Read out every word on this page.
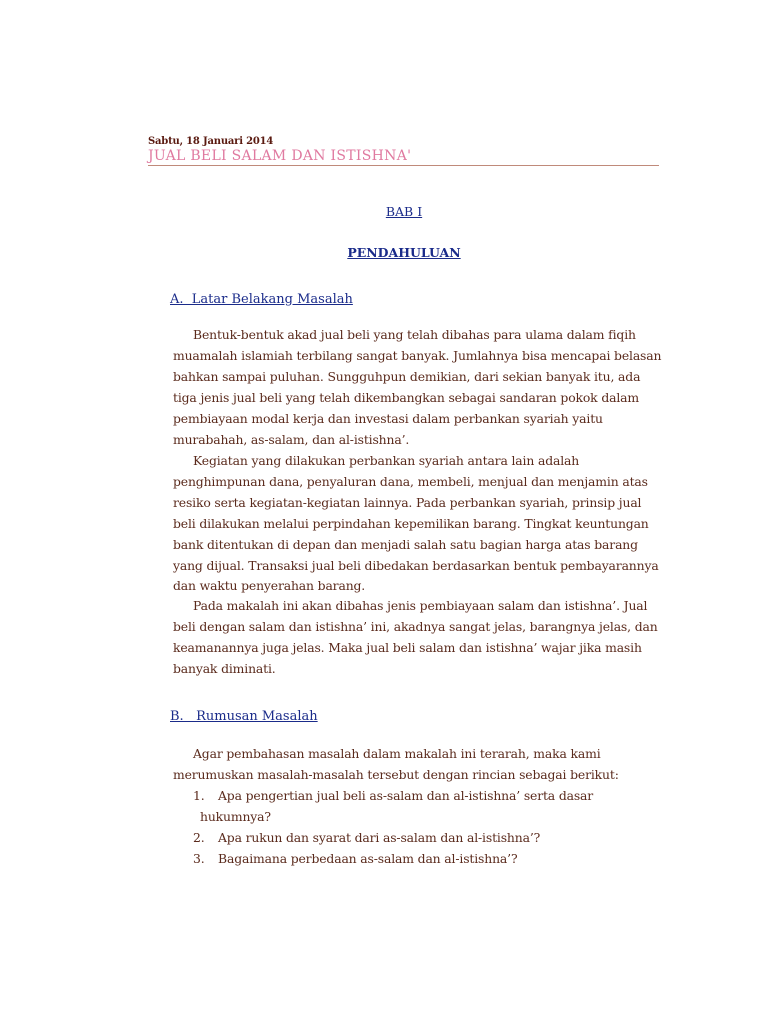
Sabtu, 18 Januari 2014
JUAL BELI SALAM DAN ISTISHNA'
BAB I
PENDAHULUAN
A.  Latar Belakang Masalah

Bentuk-bentuk akad jual beli yang telah dibahas para ulama dalam fiqih muamalah islamiah terbilang sangat banyak. Jumlahnya bisa mencapai belasan bahkan sampai puluhan. Sungguhpun demikian, dari sekian banyak itu, ada tiga jenis jual beli yang telah dikembangkan sebagai sandaran pokok dalam pembiayaan modal kerja dan investasi dalam perbankan syariah yaitu murabahah, as-salam, dan al-istishna’.

Kegiatan yang dilakukan perbankan syariah antara lain adalah penghimpunan dana, penyaluran dana, membeli, menjual dan menjamin atas resiko serta kegiatan-kegiatan lainnya. Pada perbankan syariah, prinsip jual beli dilakukan melalui perpindahan kepemilikan barang. Tingkat keuntungan bank ditentukan di depan dan menjadi salah satu bagian harga atas barang yang dijual. Transaksi jual beli dibedakan berdasarkan bentuk pembayarannya dan waktu penyerahan barang.

Pada makalah ini akan dibahas jenis pembiayaan salam dan istishna’. Jual beli dengan salam dan istishna’ ini, akadnya sangat jelas, barangnya jelas, dan keamanannya juga jelas. Maka jual beli salam dan istishna’ wajar jika masih banyak diminati.

B.   Rumusan Masalah

Agar pembahasan masalah dalam makalah ini terarah, maka kami merumuskan masalah-masalah tersebut dengan rincian sebagai berikut:

1. Apa pengertian jual beli as-salam dan al-istishna’ serta dasar
hukumnya?
2. Apa rukun dan syarat dari as-salam dan al-istishna’?
3. Bagaimana perbedaan as-salam dan al-istishna’?
